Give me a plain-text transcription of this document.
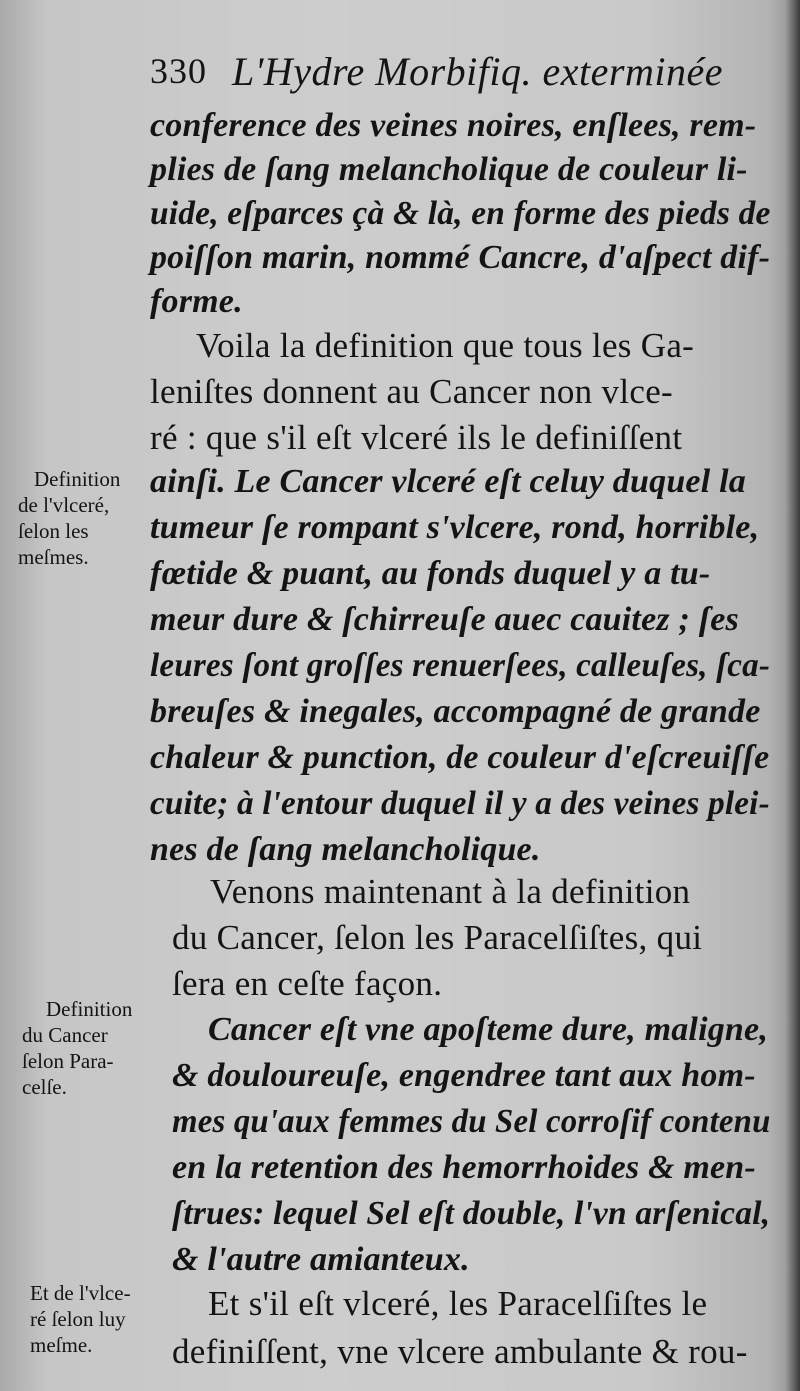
330 L'Hydre Morbifiq. exterminée
Definition
de l'vlceré,
ſelon les
meſmes.
Definition
du Cancer
ſelon Para-
celſe.
Et de l'vlce-
ré ſelon luy
meſme.
conference des veines noires, enſlees, rem-
plies de ſang melancholique de couleur li-
uide, eſparces çà & là, en forme des pieds de
poiſſon marin, nommé Cancre, d'aſpect dif-
forme.
Voila la definition que tous les Ga-
leniſtes donnent au Cancer non vlce-
ré : que s'il eſt vlceré ils le definiſſent
ainſi. Le Cancer vlceré eſt celuy duquel la
tumeur ſe rompant s'vlcere, rond, horrible,
fœtide & puant, au fonds duquel y a tu-
meur dure & ſchirreuſe auec cauitez ; ſes
leures ſont groſſes renuerſees, calleuſes, ſca-
breuſes & inegales, accompagné de grande
chaleur & punction, de couleur d'eſcreuiſſe
cuite; à l'entour duquel il y a des veines plei-
nes de ſang melancholique.
Venons maintenant à la definition
du Cancer, ſelon les Paracelſiſtes, qui
ſera en ceſte façon.
Cancer eſt vne apoſteme dure, maligne,
& douloureuſe, engendree tant aux hom-
mes qu'aux femmes du Sel corroſif contenu
en la retention des hemorrhoides & men-
ſtrues: lequel Sel eſt double, l'vn arſenical,
& l'autre amianteux.
Et s'il eſt vlceré, les Paracelſiſtes le
definiſſent, vne vlcere ambulante & rou-
